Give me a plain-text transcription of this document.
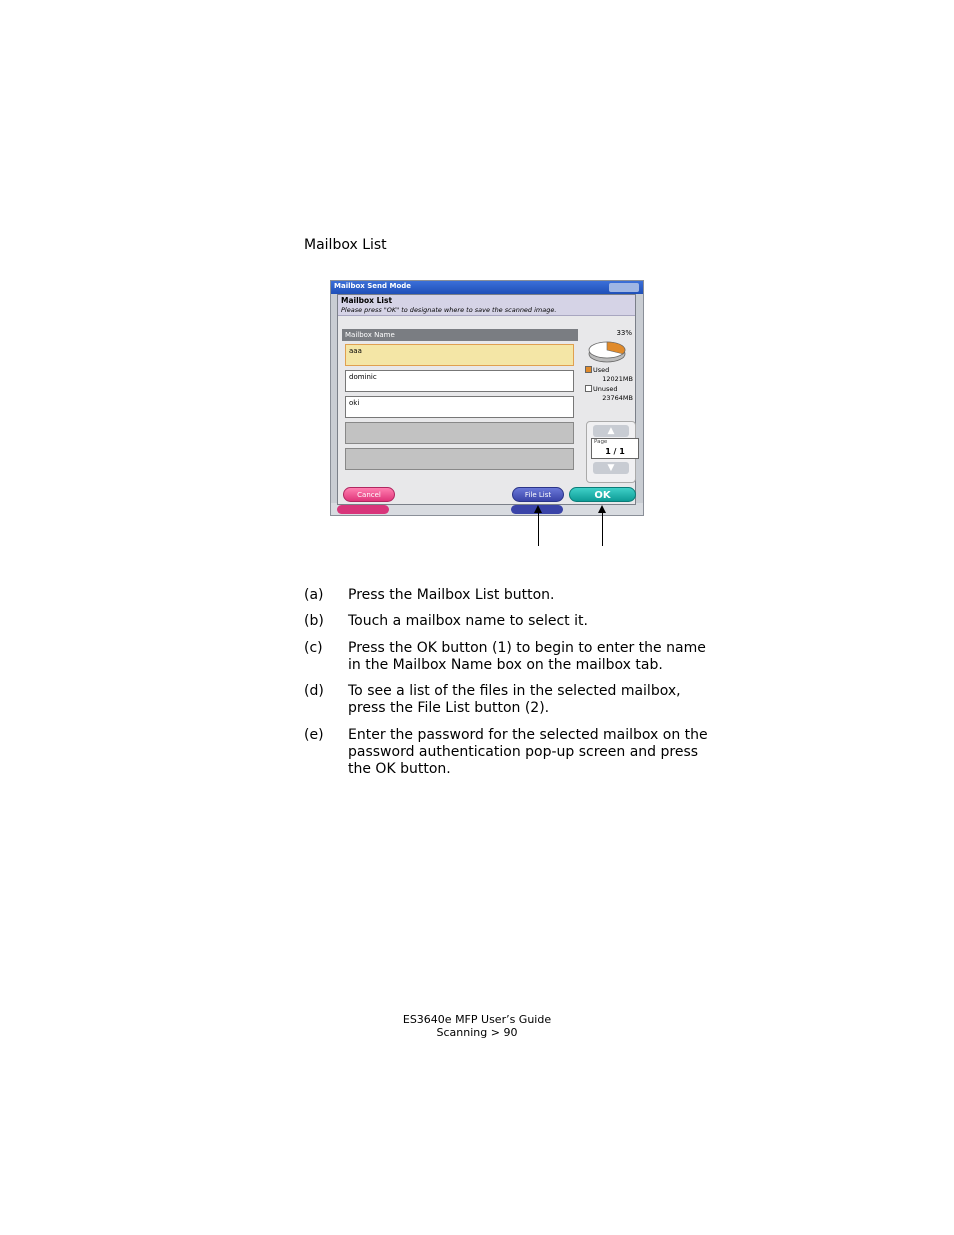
Mailbox List
Mailbox Send Mode
Mailbox List
Please press "OK" to designate where to save the scanned image.
Mailbox Name
aaa
dominic
oki
33%
Used
12021MB
Unused
23764MB
▲
Page
1 / 1
▼
Cancel	File List	OK
(a) Press the Mailbox List button.
(b) Touch a mailbox name to select it.
(c) Press the OK button (1) to begin to enter the name in the Mailbox Name box on the mailbox tab.
(d) To see a list of the files in the selected mailbox, press the File List button (2).
(e) Enter the password for the selected mailbox on the password authentication pop-up screen and press the OK button.
ES3640e MFP User’s Guide
Scanning > 90
